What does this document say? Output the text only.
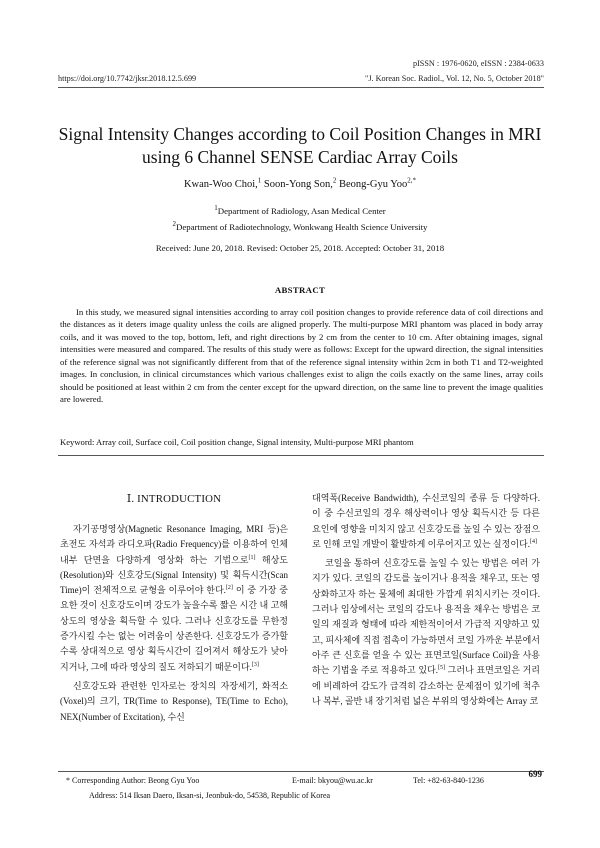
pISSN : 1976-0620, eISSN : 2384-0633
https://doi.org/10.7742/jksr.2018.12.5.699	"J. Korean Soc. Radiol., Vol. 12, No. 5, October 2018"
Signal Intensity Changes according to Coil Position Changes in MRI using 6 Channel SENSE Cardiac Array Coils
Kwan-Woo Choi,$^1$ Soon-Yong Son,$^2$ Beong-Gyu Yoo$^{2,*}$
$^1$Department of Radiology, Asan Medical Center
$^2$Department of Radiotechnology, Wonkwang Health Science University
Received: June 20, 2018. Revised: October 25, 2018. Accepted: October 31, 2018
ABSTRACT
In this study, we measured signal intensities according to array coil position changes to provide reference data of coil directions and the distances as it deters image quality unless the coils are aligned properly. The multi-purpose MRI phantom was placed in body array coils, and it was moved to the top, bottom, left, and right directions by 2 cm from the center to 10 cm. After obtaining images, signal intensities were measured and compared. The results of this study were as follows: Except for the upward direction, the signal intensities of the reference signal was not significantly different from that of the reference signal intensity within 2cm in both T1 and T2-weighted images. In conclusion, in clinical circumstances which various challenges exist to align the coils exactly on the same lines, array coils should be positioned at least within 2 cm from the center except for the upward direction, on the same line to prevent the image qualities are lowered.
Keyword: Array coil, Surface coil, Coil position change, Signal intensity, Multi-purpose MRI phantom
Ⅰ. INTRODUCTION

자기공명영상(Magnetic Resonance Imaging, MRI 등)은 초전도 자석과 라디오파(Radio Frequency)를 이용하여 인체 내부 단면을 다양하게 영상화 하는 기법으로[1] 해상도(Resolution)와 신호강도(Signal Intensity) 및 획득시간(Scan Time)이 전체적으로 균형을 이루어야 한다.[2] 이 중 가장 중요한 것이 신호강도이며 강도가 높을수록 짧은 시간 내 고해상도의 영상을 획득할 수 있다. 그러나 신호강도를 무한정 증가시킬 수는 없는 어려움이 상존한다. 신호강도가 증가할수록 상대적으로 영상 획득시간이 길어져서 해상도가 낮아지거나, 그에 따라 영상의 질도 저하되기 때문이다.[3]

신호강도와 관련한 인자로는 장치의 자장세기, 화적소(Voxel)의 크기, TR(Time to Response), TE(Time to Echo), NEX(Number of Excitation), 수신

대역폭(Receive Bandwidth), 수신코일의 종류 등 다양하다. 이 중 수신코일의 경우 해상력이나 영상 획득시간 등 다른 요인에 영향을 미치지 않고 신호강도를 높일 수 있는 장점으로 인해 코일 개발이 활발하게 이루어지고 있는 실정이다.[4]

코일을 통하여 신호강도를 높일 수 있는 방법은 여러 가지가 있다. 코일의 감도를 높이거나 용적을 채우고, 또는 영상화하고자 하는 물체에 최대한 가깝게 위치시키는 것이다. 그러나 임상에서는 코일의 감도나 용적을 채우는 방법은 코일의 재질과 형태에 따라 제한적이어서 가급적 지양하고 있고, 피사체에 직접 접촉이 가능하면서 코일 가까운 부분에서 아주 큰 신호를 얻을 수 있는 표면코일(Surface Coil)을 사용하는 기법을 주로 적용하고 있다.[5] 그러나 표면코일은 거리에 비례하여 감도가 급격히 감소하는 문제점이 있기에 척추나 복부, 골반 내 장기처럼 넓은 부위의 영상화에는 Array 코

* Corresponding Author: Beong Gyu Yoo	E-mail: bkyou@wu.ac.kr	Tel: +82-63-840-1236
Address: 514 Iksan Daero, Iksan-si, Jeonbuk-do, 54538, Republic of Korea
699
